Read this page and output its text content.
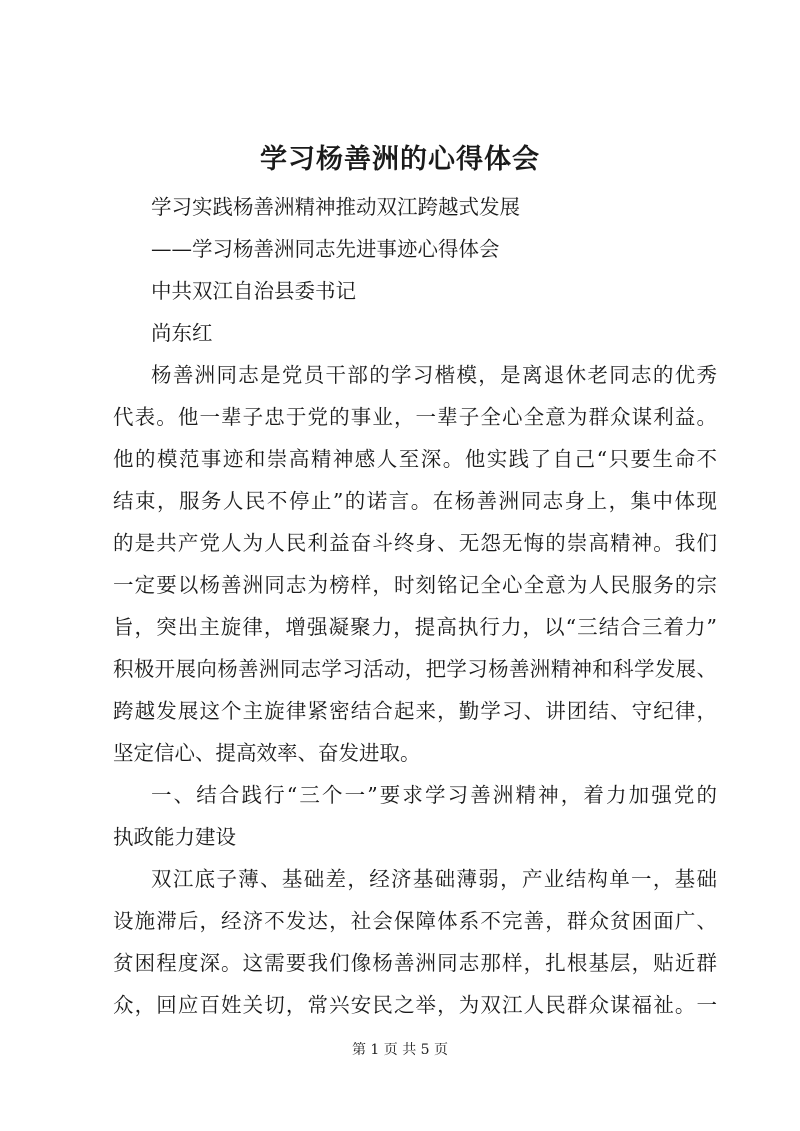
学习杨善洲的心得体会
学习实践杨善洲精神推动双江跨越式发展
——学习杨善洲同志先进事迹心得体会
中共双江自治县委书记
尚东红
杨善洲同志是党员干部的学习楷模，是离退休老同志的优秀
代表。他一辈子忠于党的事业，一辈子全心全意为群众谋利益。
他的模范事迹和崇高精神感人至深。他实践了自己“只要生命不
结束，服务人民不停止”的诺言。在杨善洲同志身上，集中体现
的是共产党人为人民利益奋斗终身、无怨无悔的崇高精神。我们
一定要以杨善洲同志为榜样，时刻铭记全心全意为人民服务的宗
旨，突出主旋律，增强凝聚力，提高执行力，以“三结合三着力”
积极开展向杨善洲同志学习活动，把学习杨善洲精神和科学发展、
跨越发展这个主旋律紧密结合起来，勤学习、讲团结、守纪律，
坚定信心、提高效率、奋发进取。
一、结合践行“三个一”要求学习善洲精神，着力加强党的
执政能力建设
双江底子薄、基础差，经济基础薄弱，产业结构单一，基础
设施滞后，经济不发达，社会保障体系不完善，群众贫困面广、
贫困程度深。这需要我们像杨善洲同志那样，扎根基层，贴近群
众，回应百姓关切，常兴安民之举，为双江人民群众谋福祉。一
第 1 页 共 5 页
